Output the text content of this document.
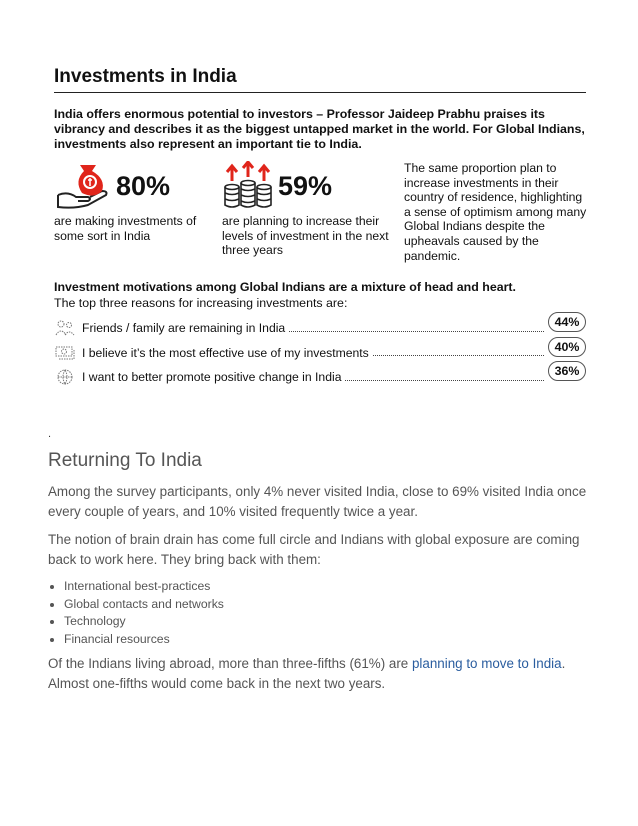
Investments in India
India offers enormous potential to investors – Professor Jaideep Prabhu praises its vibrancy and describes it as the biggest untapped market in the world. For Global Indians, investments also represent an important tie to India.
80%
are making investments of some sort in India
59%
are planning to increase their levels of investment in the next three years
The same proportion plan to increase investments in their country of residence, highlighting a sense of optimism among many Global Indians despite the upheavals caused by the pandemic.
Investment motivations among Global Indians are a mixture of head and heart.
The top three reasons for increasing investments are:
Friends / family are remaining in India	44%
I believe it’s the most effective use of my investments	40%
I want to better promote positive change in India	36%
.
Returning To India

Among the survey participants, only 4% never visited India, close to 69% visited India once every couple of years, and 10% visited frequently twice a year.

The notion of brain drain has come full circle and Indians with global exposure are coming back to work here. They bring back with them:

• International best-practices
• Global contacts and networks
• Technology
• Financial resources

Of the Indians living abroad, more than three-fifths (61%) are planning to move to India.

Almost one-fifths would come back in the next two years.
